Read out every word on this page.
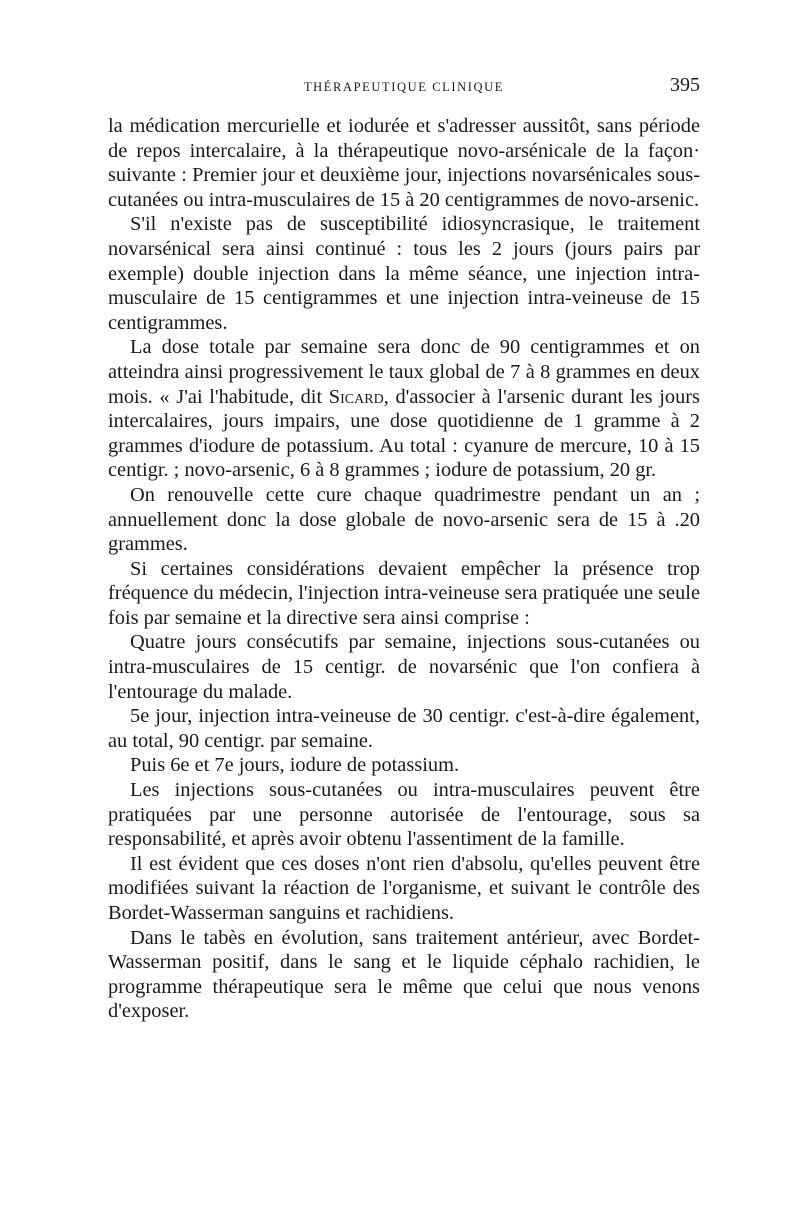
THÉRAPEUTIQUE CLINIQUE	395

la médication mercurielle et iodurée et s'adresser aussitôt, sans période de repos intercalaire, à la thérapeutique novo-arsénicale de la façon· suivante : Premier jour et deuxième jour, injections novarsénicales sous-cutanées ou intra-musculaires de 15 à 20 centigrammes de novo-arsenic.

S'il n'existe pas de susceptibilité idiosyncrasique, le traitement novarsénical sera ainsi continué : tous les 2 jours (jours pairs par exemple) double injection dans la même séance, une injection intra-musculaire de 15 centigrammes et une injection intra-veineuse de 15 centigrammes.

La dose totale par semaine sera donc de 90 centigrammes et on atteindra ainsi progressivement le taux global de 7 à 8 grammes en deux mois. « J'ai l'habitude, dit Sicard, d'associer à l'arsenic durant les jours intercalaires, jours impairs, une dose quotidienne de 1 gramme à 2 grammes d'iodure de potassium. Au total : cyanure de mercure, 10 à 15 centigr. ; novo-arsenic, 6 à 8 grammes ; iodure de potassium, 20 gr.

On renouvelle cette cure chaque quadrimestre pendant un an ; annuellement donc la dose globale de novo-arsenic sera de 15 à .20 grammes.

Si certaines considérations devaient empêcher la présence trop fréquence du médecin, l'injection intra-veineuse sera pratiquée une seule fois par semaine et la directive sera ainsi comprise :

Quatre jours consécutifs par semaine, injections sous-cutanées ou intra-musculaires de 15 centigr. de novarsénic que l'on confiera à l'entourage du malade.

5e jour, injection intra-veineuse de 30 centigr. c'est-à-dire également, au total, 90 centigr. par semaine.

Puis 6e et 7e jours, iodure de potassium.

Les injections sous-cutanées ou intra-musculaires peuvent être pratiquées par une personne autorisée de l'entourage, sous sa responsabilité, et après avoir obtenu l'assentiment de la famille.

Il est évident que ces doses n'ont rien d'absolu, qu'elles peuvent être modifiées suivant la réaction de l'organisme, et suivant le contrôle des Bordet-Wasserman sanguins et rachidiens.

Dans le tabès en évolution, sans traitement antérieur, avec Bordet-Wasserman positif, dans le sang et le liquide céphalo rachidien, le programme thérapeutique sera le même que celui que nous venons d'exposer.
